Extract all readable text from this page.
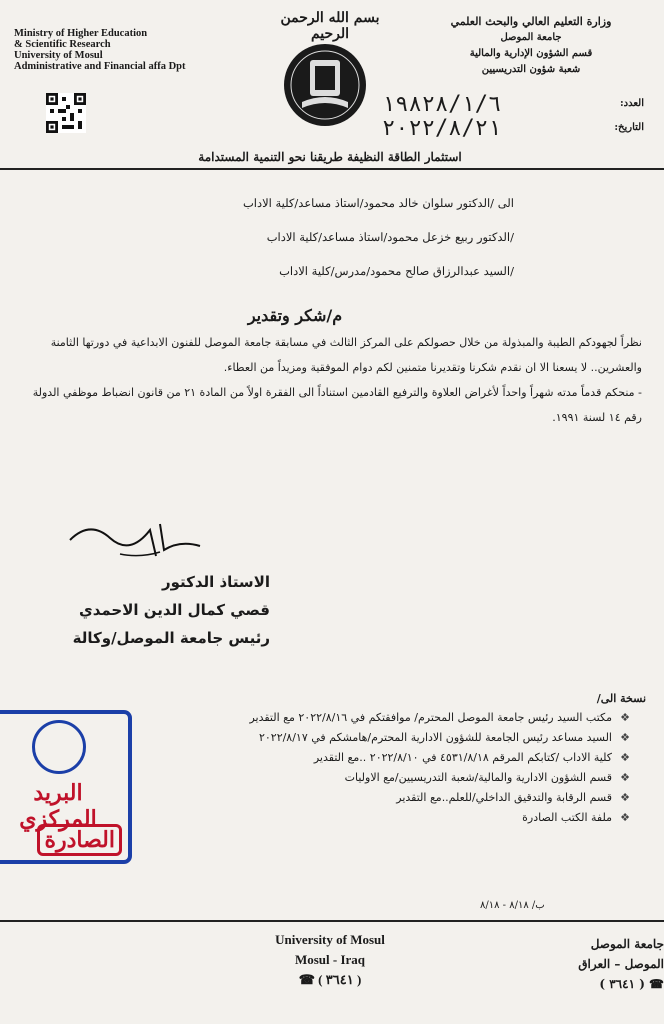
Ministry of Higher Education
& Scientific Research
University of Mosul
Administrative and Financial affa Dpt
بسم الله الرحمن الرحيم
وزارة التعليم العالي والبحث العلمي
جامعة الموصل
قسم الشؤون الإدارية والمالية
شعبة شؤون التدريسيين
العدد:
١٩٨٢٨/١/٦
التاريخ:
٢٠٢٢/٨/٢١
استثمار الطاقة النظيفة طريقنا نحو التنمية المستدامة
الى /الدكتور سلوان خالد محمود/استاذ مساعد/كلية الاداب
/الدكتور ربيع خزعل محمود/استاذ مساعد/كلية الاداب
/السيد عبدالرزاق صالح محمود/مدرس/كلية الاداب
م/شكر وتقدير

نظراً لجهودكم الطيبة والمبذولة من خلال حصولكم على المركز الثالث في مسابقة جامعة الموصل للفنون الابداعية في دورتها الثامنة والعشرين.. لا يسعنا الا ان نقدم شكرنا وتقديرنا متمنين لكم دوام الموفقية ومزيداً من العطاء.

- منحكم قدماً مدته شهراً واحداً لأغراض العلاوة والترفيع القادمين استناداً الى الفقرة اولاً من المادة ٢١ من قانون انضباط موظفي الدولة رقم ١٤ لسنة ١٩٩١.

الاستاذ الدكتور
قصي كمال الدين الاحمدي
رئيس جامعة الموصل/وكالة
نسخة الى/
❖مكتب السيد رئيس جامعة الموصل المحترم/ موافقتكم في ٢٠٢٢/٨/١٦ مع التقدير
❖السيد مساعد رئيس الجامعة للشؤون الادارية المحترم/هامشكم في ٢٠٢٢/٨/١٧
❖كلية الاداب /كتابكم المرقم ٤٥٣١/٨/١٨ في ٢٠٢٢/٨/١٠ ..مع التقدير
❖قسم الشؤون الادارية والمالية/شعبة التدريسيين/مع الاوليات
❖قسم الرقابة والتدقيق الداخلي/للعلم..مع التقدير
❖ملفة الكتب الصادرة
البريد المركزي
الصادرة
ب/ ٨/١٨ - ٨/١٨
University of Mosul
Mosul - Iraq
☎ ( ٣٦٤١ )
جامعة الموصل
الموصل – العراق
☎ ( ٣٦٤١ )
